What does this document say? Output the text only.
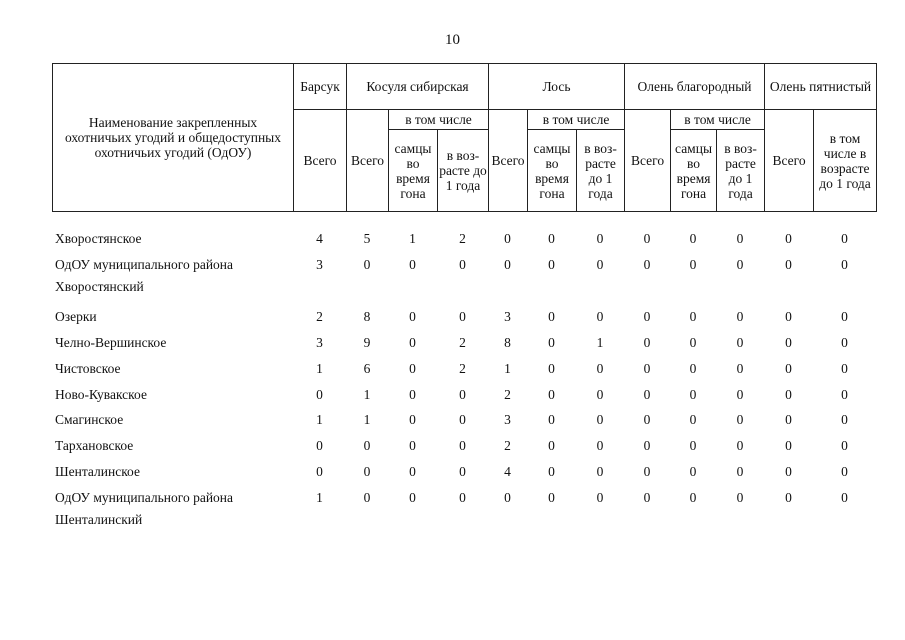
10
Наименование закрепленных охотничьих угодий и общедоступных охотничьих угодий (ОдОУ)	Барсук	Косуля сибирская			Лось			Олень благородный			Олень пятнистый	
	Всего	Всего	в том числе		Всего	в том числе		Всего	в том числе		Всего	в том числе в возрасте до 1 года
			самцы во время гона	в воз-расте до 1 года		самцы во время гона	в воз-расте до 1 года		самцы во время гона	в воз-расте до 1 года		
Хворостянское	4	5	1	2	0	0	0	0	0	0	0	0
ОдОУ муниципального района	3	0	0	0	0	0	0	0	0	0	0	0
Хворостянский												
Озерки	2	8	0	0	3	0	0	0	0	0	0	0
Челно-Вершинское	3	9	0	2	8	0	1	0	0	0	0	0
Чистовское	1	6	0	2	1	0	0	0	0	0	0	0
Ново-Кувакское	0	1	0	0	2	0	0	0	0	0	0	0
Смагинское	1	1	0	0	3	0	0	0	0	0	0	0
Тархановское	0	0	0	0	2	0	0	0	0	0	0	0
Шенталинское	0	0	0	0	4	0	0	0	0	0	0	0
ОдОУ муниципального района	1	0	0	0	0	0	0	0	0	0	0	0
Шенталинский												
